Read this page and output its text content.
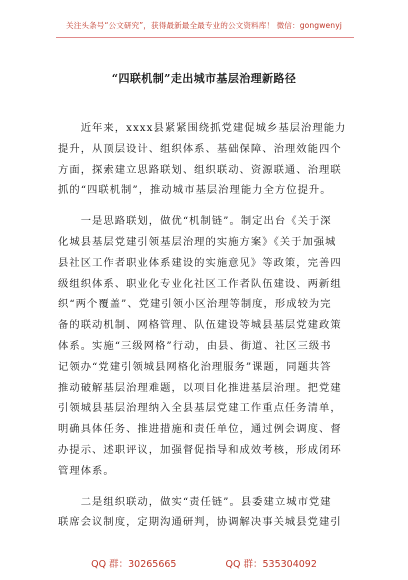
关注头条号“公文研究”，获得最新最全最专业的公文资料库！ 微信：gongwenyj
“四联机制”走出城市基层治理新路径
　　近年来，xxxx县紧紧围绕抓党建促城乡基层治理能力
提升，从顶层设计、组织体系、基础保障、治理效能四个
方面，探索建立思路联划、组织联动、资源联通、治理联
抓的“四联机制”，推动城市基层治理能力全方位提升。
　　一是思路联划，做优“机制链”。制定出台《关于深
化城县基层党建引领基层治理的实施方案》《关于加强城
县社区工作者职业体系建设的实施意见》等政策，完善四
级组织体系、职业化专业化社区工作者队伍建设、两新组
织“两个覆盖”、党建引领小区治理等制度，形成较为完
备的联动机制、网格管理、队伍建设等城县基层党建政策
体系。实施“三级网格”行动，由县、街道、社区三级书
记领办“党建引领城县网格化治理服务”课题，同题共答
推动破解基层治理难题，以项目化推进基层治理。把党建
引领城县基层治理纳入全县基层党建工作重点任务清单，
明确具体任务、推进措施和责任单位，通过例会调度、督
办提示、述职评议，加强督促指导和成效考核，形成闭环
管理体系。
　　二是组织联动，做实“责任链”。县委建立城市党建
联席会议制度，定期沟通研判，协调解决事关城县党建引
QQ 群：30265665	QQ 群：535304092
